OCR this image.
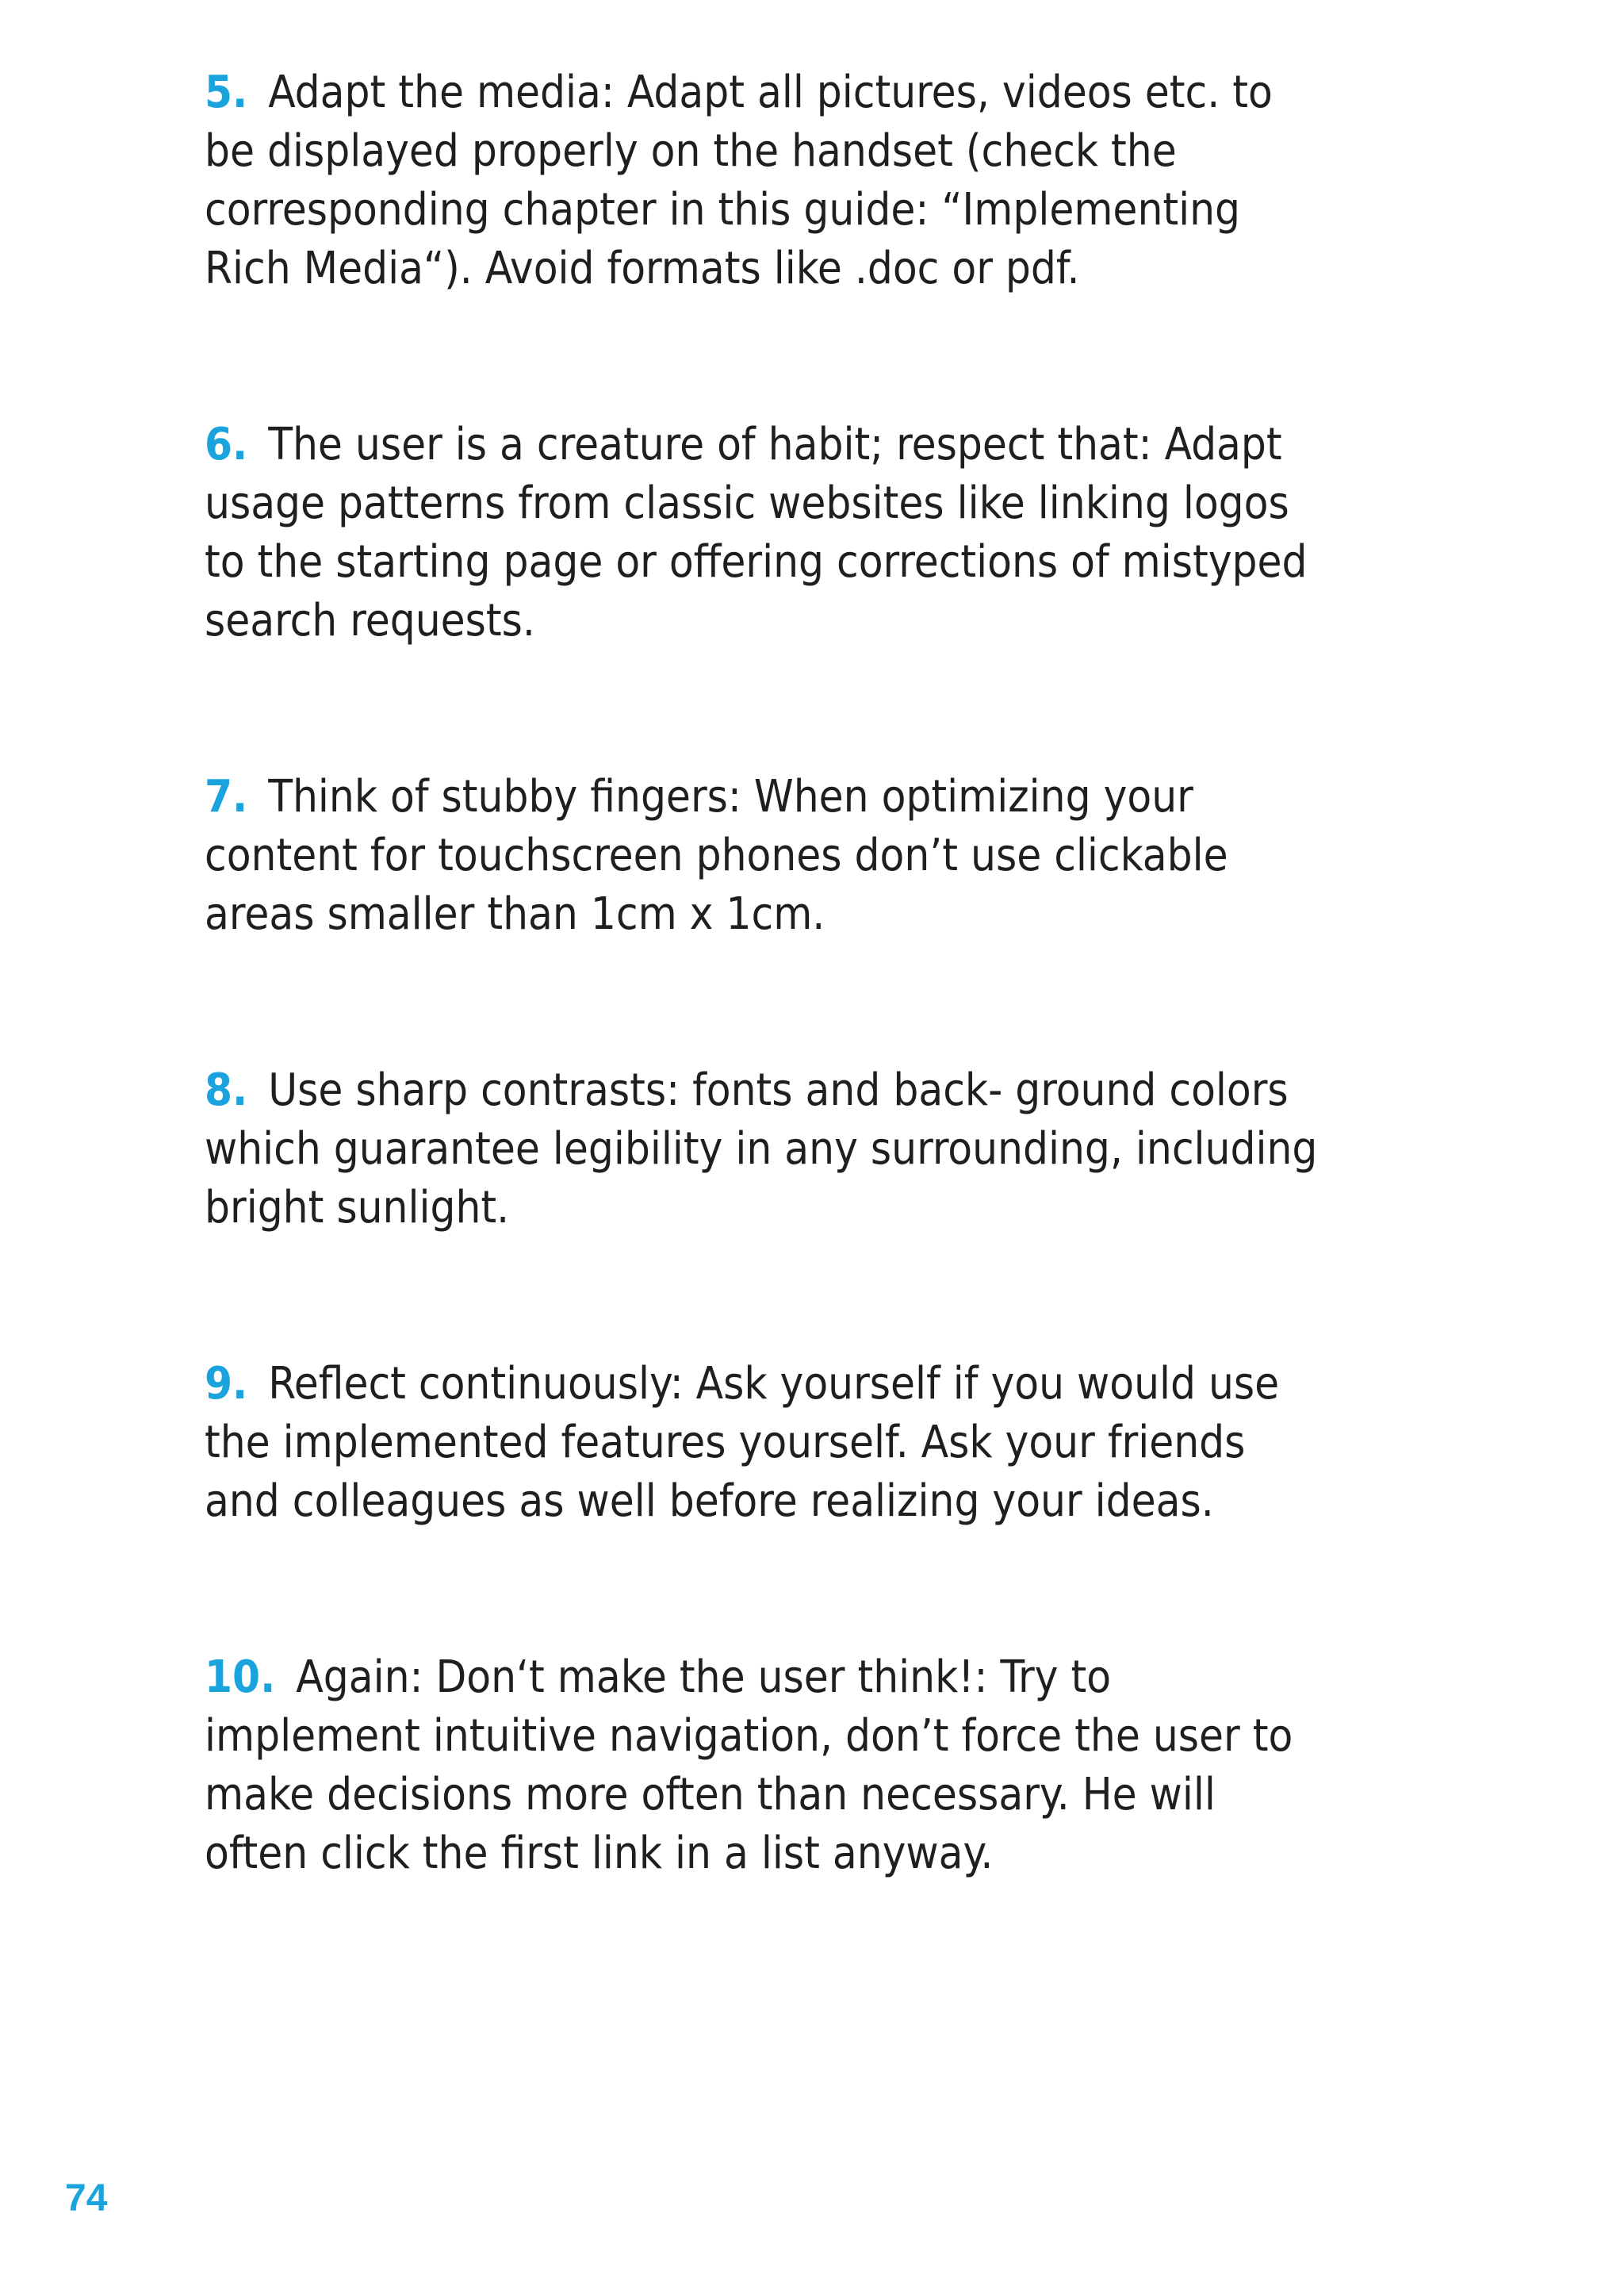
5. Adapt the media: Adapt all pictures, videos etc. to be displayed properly on the handset (check the corresponding chapter in this guide: “Implementing Rich Media“). Avoid formats like .doc or pdf.

6. The user is a creature of habit; respect that: Adapt usage patterns from classic websites like linking logos to the starting page or offering corrections of mistyped search requests.

7. Think of stubby fingers: When optimizing your content for touchscreen phones don’t use clickable areas smaller than 1cm x 1cm.

8. Use sharp contrasts: fonts and back- ground colors which guarantee legibility in any surrounding, including bright sunlight.

9. Reflect continuously: Ask yourself if you would use the implemented features yourself. Ask your friends and colleagues as well before realizing your ideas.

10. Again: Don‘t make the user think!: Try to implement intuitive navigation, don’t force the user to make decisions more often than necessary. He will often click the first link in a list anyway.

74
